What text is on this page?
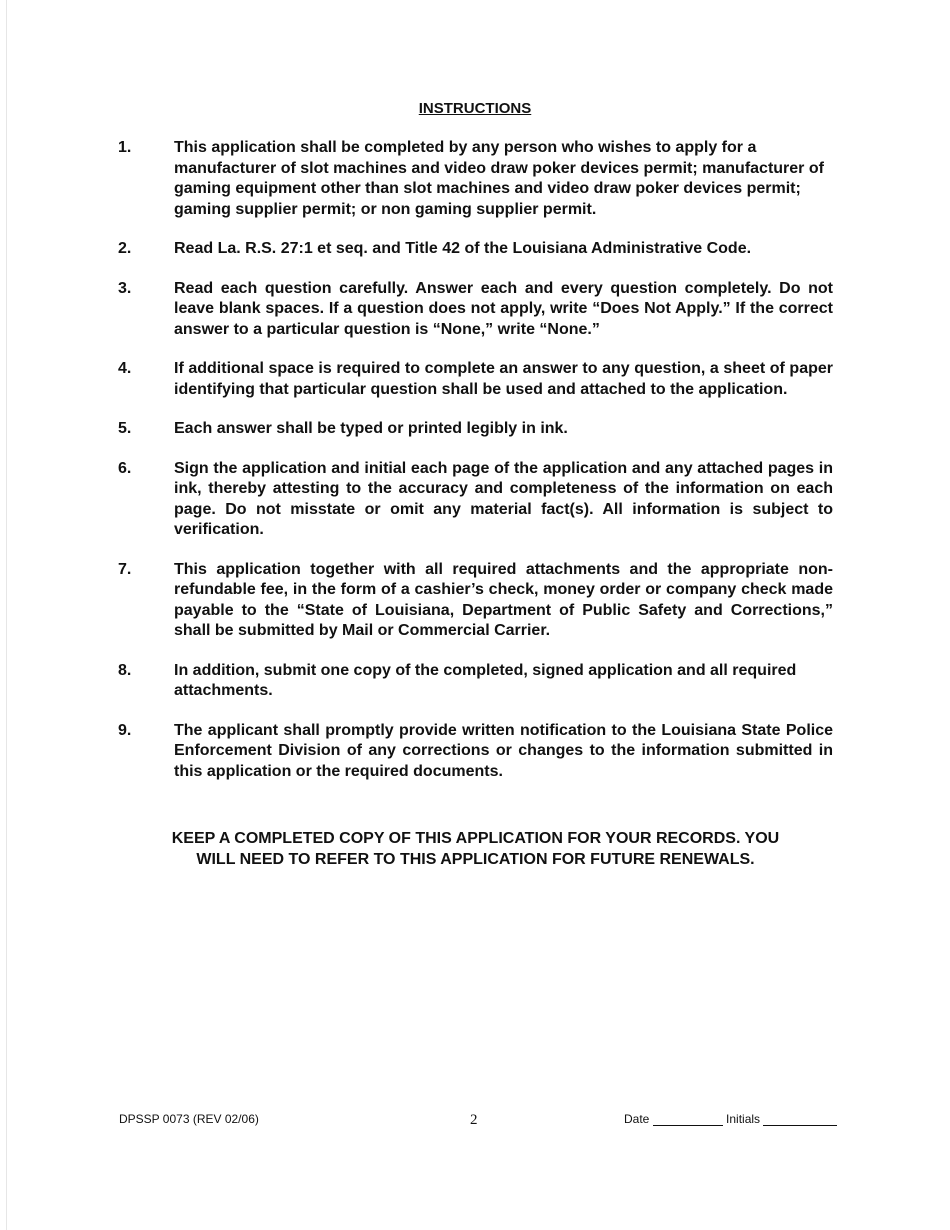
INSTRUCTIONS
1.	This application shall be completed by any person who wishes to apply for a manufacturer of slot machines and video draw poker devices permit; manufacturer of gaming equipment other than slot machines and video draw poker devices permit; gaming supplier permit; or non gaming supplier permit.
2.	Read La. R.S. 27:1 et seq. and Title 42 of the Louisiana Administrative Code.
3.	Read each question carefully. Answer each and every question completely. Do not leave blank spaces. If a question does not apply, write “Does Not Apply.” If the correct answer to a particular question is “None,” write “None.”
4.	If additional space is required to complete an answer to any question, a sheet of paper identifying that particular question shall be used and attached to the application.
5.	Each answer shall be typed or printed legibly in ink.
6.	Sign the application and initial each page of the application and any attached pages in ink, thereby attesting to the accuracy and completeness of the information on each page. Do not misstate or omit any material fact(s). All information is subject to verification.
7.	This application together with all required attachments and the appropriate non- refundable fee, in the form of a cashier’s check, money order or company check made payable to the “State of Louisiana, Department of Public Safety and Corrections,” shall be submitted by Mail or Commercial Carrier.
8.	In addition, submit one copy of the completed, signed application and all required attachments.
9.	The applicant shall promptly provide written notification to the Louisiana State Police Enforcement Division of any corrections or changes to the information submitted in this application or the required documents.
KEEP A COMPLETED COPY OF THIS APPLICATION FOR YOUR RECORDS. YOU
WILL NEED TO REFER TO THIS APPLICATION FOR FUTURE RENEWALS.
DPSSP 0073 (REV 02/06)	2	Date	Initials
